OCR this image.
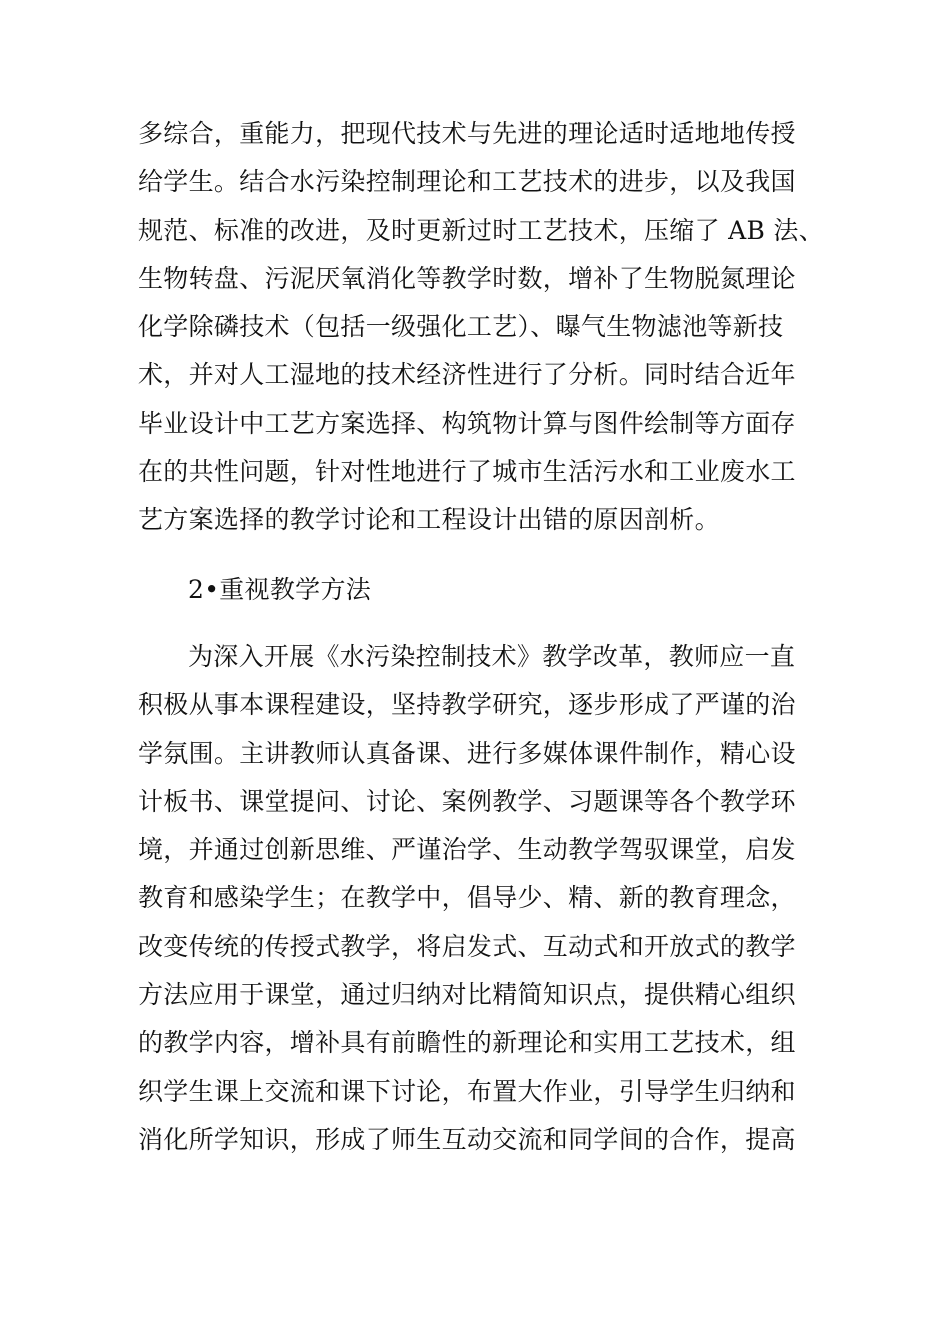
多综合，重能力，把现代技术与先进的理论适时适地地传授
给学生。结合水污染控制理论和工艺技术的进步，以及我国
规范、标准的改进，及时更新过时工艺技术，压缩了 AB 法、
生物转盘、污泥厌氧消化等教学时数，增补了生物脱氮理论
化学除磷技术（包括一级强化工艺）、曝气生物滤池等新技
术，并对人工湿地的技术经济性进行了分析。同时结合近年
毕业设计中工艺方案选择、构筑物计算与图件绘制等方面存
在的共性问题，针对性地进行了城市生活污水和工业废水工
艺方案选择的教学讨论和工程设计出错的原因剖析。
2•重视教学方法
为深入开展《水污染控制技术》教学改革，教师应一直
积极从事本课程建设，坚持教学研究，逐步形成了严谨的治
学氛围。主讲教师认真备课、进行多媒体课件制作，精心设
计板书、课堂提问、讨论、案例教学、习题课等各个教学环
境，并通过创新思维、严谨治学、生动教学驾驭课堂，启发
教育和感染学生；在教学中，倡导少、精、新的教育理念，
改变传统的传授式教学，将启发式、互动式和开放式的教学
方法应用于课堂，通过归纳对比精简知识点，提供精心组织
的教学内容，增补具有前瞻性的新理论和实用工艺技术，组
织学生课上交流和课下讨论，布置大作业，引导学生归纳和
消化所学知识，形成了师生互动交流和同学间的合作，提高
